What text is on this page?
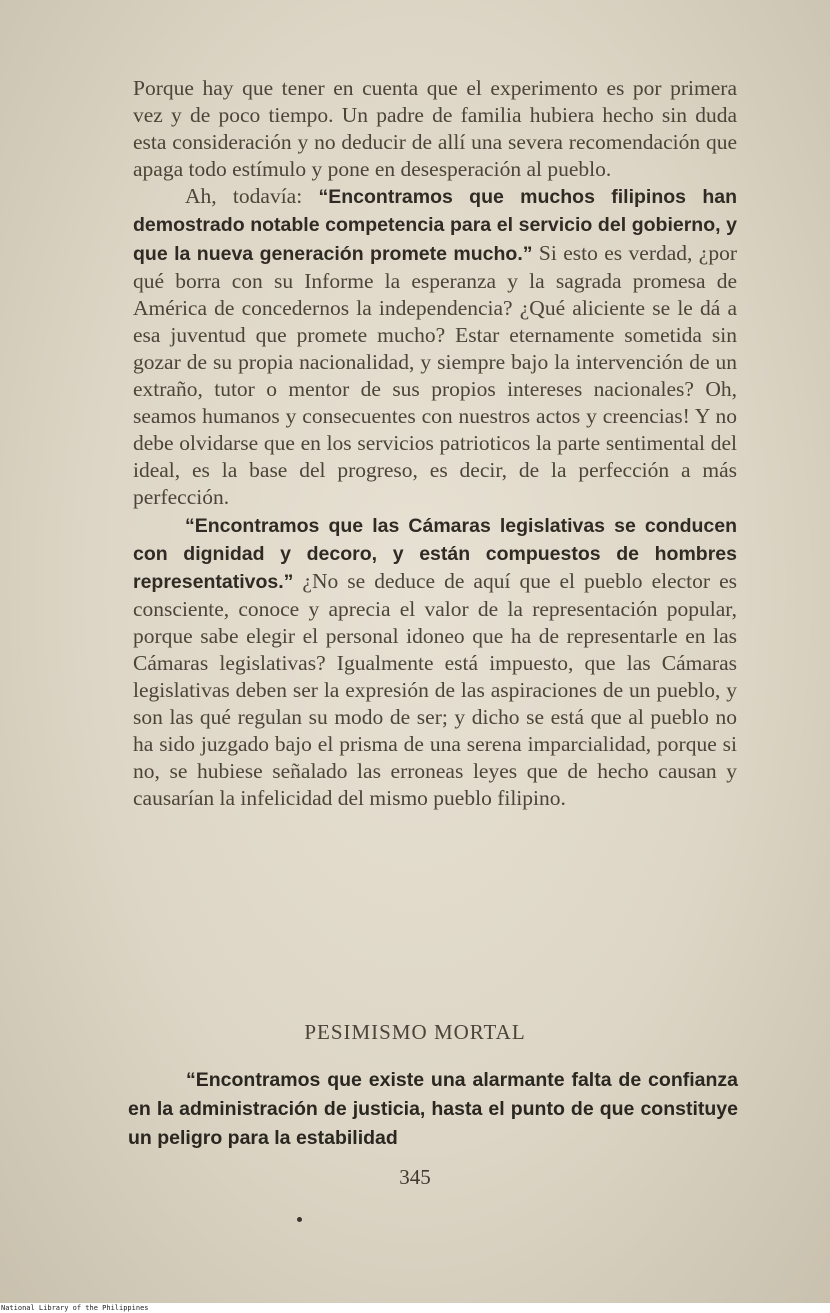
Porque hay que tener en cuenta que el experimento es por primera vez y de poco tiempo. Un padre de familia hubiera hecho sin duda esta consideración y no deducir de allí una severa recomendación que apaga todo estímulo y pone en desesperación al pueblo.

Ah, todavía: “Encontramos que muchos filipinos han demostrado notable competencia para el servicio del gobierno, y que la nueva generación promete mucho.” Si esto es verdad, ¿por qué borra con su Informe la esperanza y la sagrada promesa de América de concedernos la independencia? ¿Qué aliciente se le dá a esa juventud que promete mucho? Estar eternamente sometida sin gozar de su propia nacionalidad, y siempre bajo la intervención de un extraño, tutor o mentor de sus propios intereses nacionales? Oh, seamos humanos y consecuentes con nuestros actos y creencias! Y no debe olvidarse que en los servicios patrioticos la parte sentimental del ideal, es la base del progreso, es decir, de la perfección a más perfección.

“Encontramos que las Cámaras legislativas se conducen con dignidad y decoro, y están compuestos de hombres representativos.” ¿No se deduce de aquí que el pueblo elector es consciente, conoce y aprecia el valor de la representación popular, porque sabe elegir el personal idoneo que ha de representarle en las Cámaras legislativas? Igualmente está impuesto, que las Cámaras legislativas deben ser la expresión de las aspiraciones de un pueblo, y son las qué regulan su modo de ser; y dicho se está que al pueblo no ha sido juzgado bajo el prisma de una serena imparcialidad, porque si no, se hubiese señalado las erroneas leyes que de hecho causan y causarían la infelicidad del mismo pueblo filipino.

PESIMISMO MORTAL

“Encontramos que existe una alarmante falta de confianza en la administración de justicia, hasta el punto de que constituye un peligro para la estabilidad

345
National Library of the Philippines
